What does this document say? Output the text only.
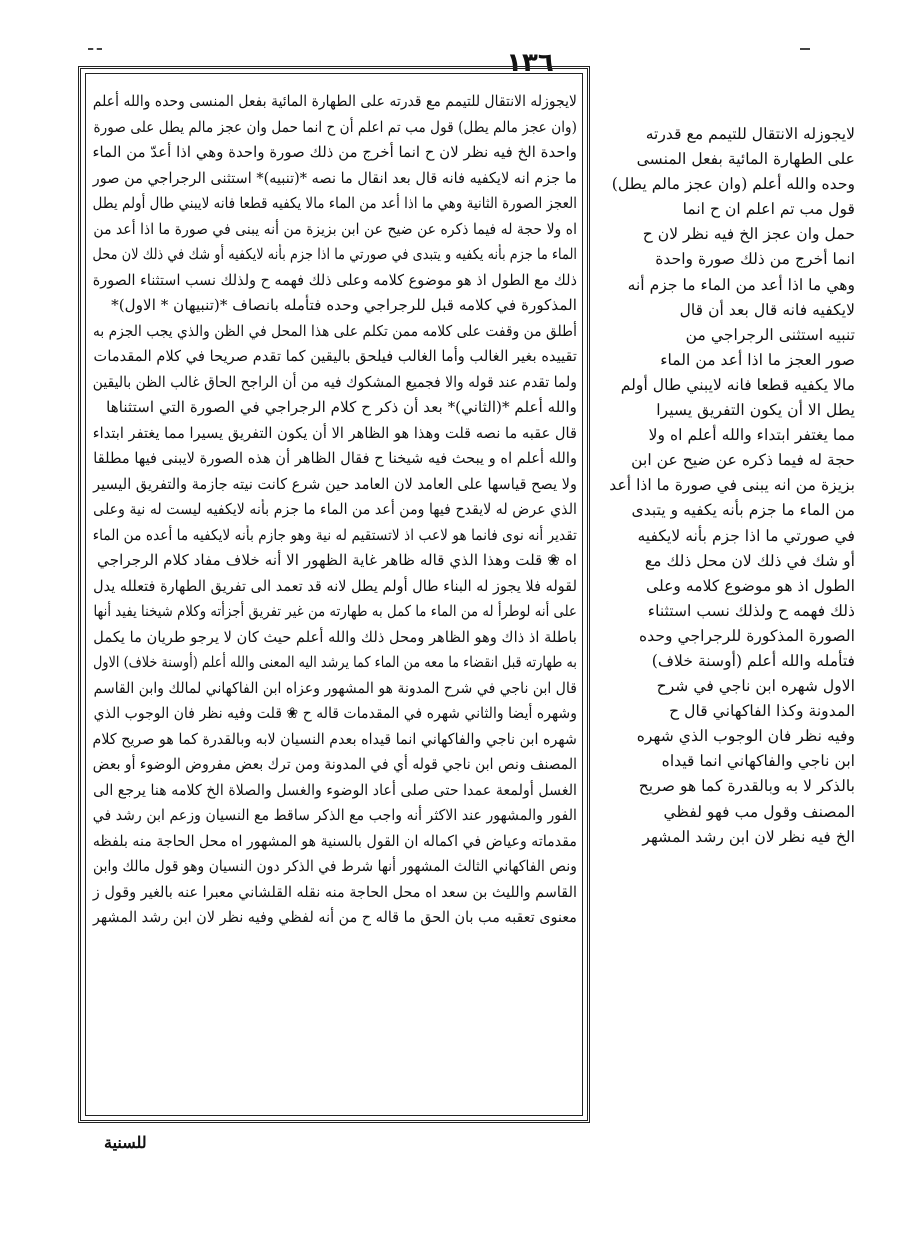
١٣٦
لايجوزله الانتقال للتيمم مع قدرته على الطهارة المائية بفعل المنسى وحده والله أعلم
(وان عجز مالم يطل) قول مب تم اعلم أن ح انما حمل وان عجز مالم يطل على صورة
واحدة الخ فيه نظر لان ح انما أخرج من ذلك صورة واحدة وهي اذا أعدّ من الماء
ما جزم انه لايكفيه فانه قال بعد انقال ما نصه *(تنبيه)* استثنى الرجراجي من صور
العجز الصورة الثانية وهي ما اذا أعد من الماء مالا يكفيه قطعا فانه لايبني طال أولم يطل
اه ولا حجة له فيما ذكره عن ضيح عن ابن بزيزة من أنه يبنى في صورة ما اذا أعد من
الماء ما جزم بأنه يكفيه و يتبدى في صورتي ما اذا جزم بأنه لايكفيه أو شك في ذلك لان محل
ذلك مع الطول اذ هو موضوع كلامه وعلى ذلك فهمه ح ولذلك نسب استثناء الصورة
المذكورة في كلامه قبل للرجراجي وحده فتأمله بانصاف *(تنبيهان * الاول)*
أطلق من وقفت على كلامه ممن تكلم على هذا المحل في الظن والذي يجب الجزم به
تقييده بغير الغالب وأما الغالب فيلحق باليقين كما تقدم صريحا في كلام المقدمات
ولما تقدم عند قوله والا فجميع المشكوك فيه من أن الراجح الحاق غالب الظن باليقين
والله أعلم *(الثاني)* بعد أن ذكر ح كلام الرجراجي في الصورة التي استثناها
قال عقبه ما نصه قلت وهذا هو الظاهر الا أن يكون التفريق يسيرا مما يغتفر ابتداء
والله أعلم اه و يبحث فيه شيخنا ح فقال الظاهر أن هذه الصورة لايبنى فيها مطلقا
ولا يصح قياسها على العامد لان العامد حين شرع كانت نيته جازمة والتفريق اليسير
الذي عرض له لايقدح فيها ومن أعد من الماء ما جزم بأنه لايكفيه ليست له نية وعلى
تقدير أنه نوى فانما هو لاعب اذ لاتستقيم له نية وهو جازم بأنه لايكفيه ما أعده من الماء
اه ❀ قلت وهذا الذي قاله ظاهر غاية الظهور الا أنه خلاف مفاد كلام الرجراجي
لقوله فلا يجوز له البناء طال أولم يطل لانه قد تعمد الى تفريق الطهارة فتعلله يدل
على أنه لوطرأ له من الماء ما كمل به طهارته من غير تفريق أجزأته وكلام شيخنا يفيد أنها
باطلة اذ ذاك وهو الظاهر ومحل ذلك والله أعلم حيث كان لا يرجو طريان ما يكمل
به طهارته قبل انقضاء ما معه من الماء كما يرشد اليه المعنى والله أعلم (أوسنة خلاف) الاول
قال ابن ناجي في شرح المدونة هو المشهور وعزاه ابن الفاكهاني لمالك وابن القاسم
وشهره أيضا والثاني شهره في المقدمات قاله ح ❀ قلت وفيه نظر فان الوجوب الذي
شهره ابن ناجي والفاكهاني انما قيداه بعدم النسيان لابه وبالقدرة كما هو صريح كلام
المصنف ونص ابن ناجي قوله أي في المدونة ومن ترك بعض مفروض الوضوء أو بعض
الغسل أولمعة عمدا حتى صلى أعاد الوضوء والغسل والصلاة الخ كلامه هنا يرجع الى
الفور والمشهور عند الاكثر أنه واجب مع الذكر ساقط مع النسيان وزعم ابن رشد في
مقدماته وعياض في اكماله ان القول بالسنية هو المشهور اه محل الحاجة منه بلفظه
ونص الفاكهاني الثالث المشهور أنها شرط في الذكر دون النسيان وهو قول مالك وابن
القاسم والليث بن سعد اه محل الحاجة منه نقله القلشاني معبرا عنه بالغير وقول ز
معنوى تعقبه مب بان الحق ما قاله ح من أنه لفظي وفيه نظر لان ابن رشد المشهر
لايجوزله الانتقال للتيمم مع قدرته
على الطهارة المائية بفعل المنسى
وحده والله أعلم (وان عجز مالم يطل)
قول مب تم اعلم ان ح انما
حمل وان عجز الخ فيه نظر لان ح
انما أخرج من ذلك صورة واحدة
وهي ما اذا أعد من الماء ما جزم أنه
لايكفيه فانه قال بعد أن قال
تنبيه استثنى الرجراجي من
صور العجز ما اذا أعد من الماء
مالا يكفيه قطعا فانه لايبني طال أولم
يطل الا أن يكون التفريق يسيرا
مما يغتفر ابتداء والله أعلم اه ولا
حجة له فيما ذكره عن ضيح عن ابن
بزيزة من انه يبنى في صورة ما اذا أعد
من الماء ما جزم بأنه يكفيه و يتبدى
في صورتي ما اذا جزم بأنه لايكفيه
أو شك في ذلك لان محل ذلك مع
الطول اذ هو موضوع كلامه وعلى
ذلك فهمه ح ولذلك نسب استثناء
الصورة المذكورة للرجراجي وحده
فتأمله والله أعلم (أوسنة خلاف)
الاول شهره ابن ناجي في شرح
المدونة وكذا الفاكهاني قال ح
وفيه نظر فان الوجوب الذي شهره
ابن ناجي والفاكهاني انما قيداه
بالذكر لا به وبالقدرة كما هو صريح
المصنف وقول مب فهو لفظي
الخ فيه نظر لان ابن رشد المشهر
للسنية
